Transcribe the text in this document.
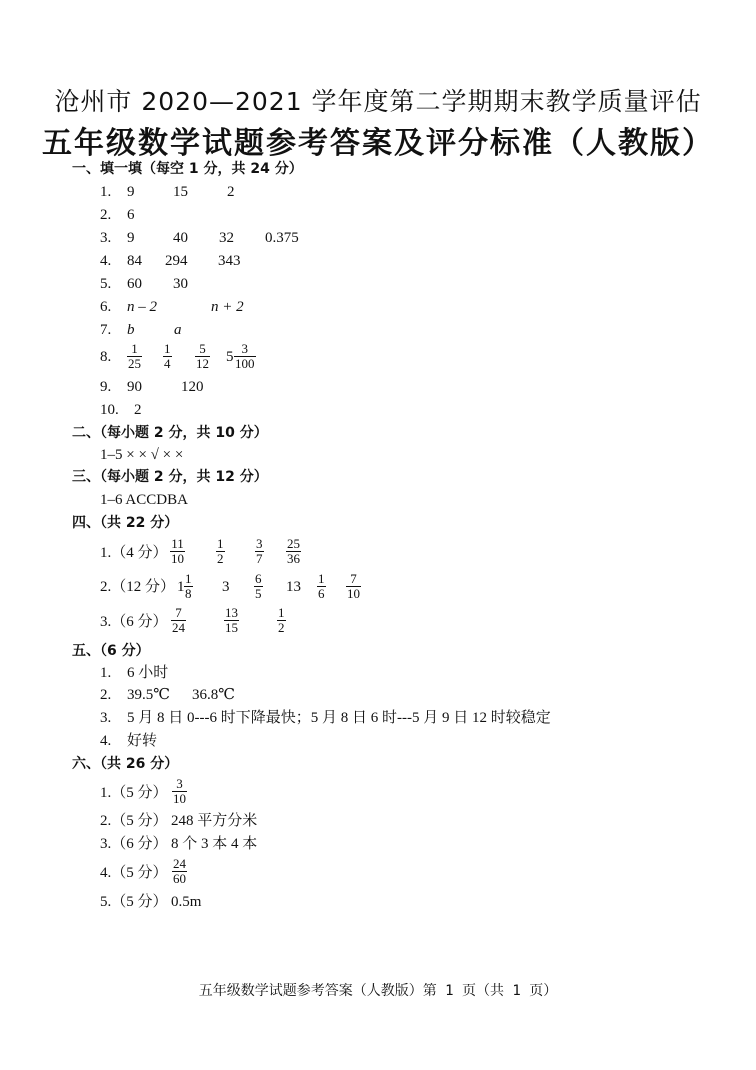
沧州市 2020—2021 学年度第二学期期末教学质量评估
五年级数学试题参考答案及评分标准（人教版）
一、填一填（每空 1 分，共 24 分）
1. 9	15	2
2. 6
3. 9	40 32 0.375
4. 84 294 343
5. 60 30
6. n – 2	n + 2
7. b	a
8. $\frac{1}{25} \frac{1}{4} \frac{5}{12} 5 \frac{3}{100}$
9. 90	120
10. 2
二、（每小题 2 分，共 10 分）
1–5 × × √ × ×
三、（每小题 2 分，共 12 分）
1–6 ACCDBA
四、（共 22 分）
1.（4 分） $\frac{11}{10} \frac{1}{2} \frac{3}{7} \frac{25}{36}$
2.（12 分） $1 \frac{1}{8} 3 \frac{6}{5} 13 \frac{1}{6} \frac{7}{10}$
3.（6 分） $\frac{7}{24}$	$\frac{13}{15}$	$\frac{1}{2}$
五、（6 分）
1. 6 小时
2. 39.5℃ 36.8℃
3. 5 月 8 日 0---6 时下降最快；5 月 8 日 6 时---5 月 9 日 12 时较稳定
4. 好转
六、（共 26 分）
1.（5 分） $\frac{3}{10}$
2.（5 分） 248 平方分米
3.（6 分） 8 个 3 本 4 本
4.（5 分） $\frac{24}{60}$
5.（5 分） 0.5m
五年级数学试题参考答案（人教版）第 1 页（共 1 页）
